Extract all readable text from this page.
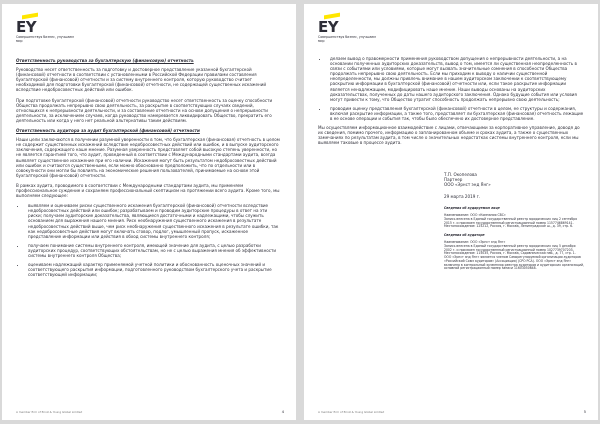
EY
Совершенствуя бизнес, улучшаем мир
Ответственность руководства за бухгалтерскую (финансовую) отчетность

Руководство несет ответственность за подготовку и достоверное представление указанной бухгалтерской (финансовой) отчетности в соответствии с установленными в Российской Федерации правилами составления бухгалтерской (финансовой) отчетности и за систему внутреннего контроля, которую руководство считает необходимой для подготовки бухгалтерской (финансовой) отчетности, не содержащей существенных искажений вследствие недобросовестных действий или ошибок.

При подготовке бухгалтерской (финансовой) отчетности руководство несет ответственность за оценку способности Общества продолжать непрерывно свою деятельность, за раскрытие в соответствующих случаях сведений, относящихся к непрерывности деятельности, и за составление отчетности на основе допущения о непрерывности деятельности, за исключением случаев, когда руководство намеревается ликвидировать Общество, прекратить его деятельность или когда у него нет реальной альтернативы таким действиям.

Ответственность аудитора за аудит бухгалтерской (финансовой) отчетности

Наши цели заключаются в получении разумной уверенности в том, что бухгалтерская (финансовая) отчетность в целом не содержит существенных искажений вследствие недобросовестных действий или ошибок, и в выпуске аудиторского заключения, содержащего наше мнение. Разумная уверенность представляет собой высокую степень уверенности, но не является гарантией того, что аудит, проведенный в соответствии с Международными стандартами аудита, всегда выявляет существенное искажение при его наличии. Искажения могут быть результатом недобросовестных действий или ошибок и считаются существенными, если можно обоснованно предположить, что по отдельности или в совокупности они могли бы повлиять на экономические решения пользователей, принимаемые на основе этой бухгалтерской (финансовой) отчетности.

В рамках аудита, проводимого в соответствии с Международными стандартами аудита, мы применяем профессиональное суждение и сохраняем профессиональный скептицизм на протяжении всего аудита. Кроме того, мы выполняем следующее:

• выявляем и оцениваем риски существенного искажения бухгалтерской (финансовой) отчетности вследствие недобросовестных действий или ошибок; разрабатываем и проводим аудиторские процедуры в ответ на эти риски; получаем аудиторские доказательства, являющиеся достаточными и надлежащими, чтобы служить основанием для выражения нашего мнения. Риск необнаружения существенного искажения в результате недобросовестных действий выше, чем риск необнаружения существенного искажения в результате ошибки, так как недобросовестные действия могут включать сговор, подлог, умышленный пропуск, искаженное представление информации или действия в обход системы внутреннего контроля;
• получаем понимание системы внутреннего контроля, имеющей значение для аудита, с целью разработки аудиторских процедур, соответствующих обстоятельствам, но не с целью выражения мнения об эффективности системы внутреннего контроля Общества;
• оцениваем надлежащий характер применяемой учетной политики и обоснованность оценочных значений и соответствующего раскрытия информации, подготовленного руководством бухгалтерского учета и раскрытие соответствующей информации;
A member firm of Ernst & Young Global Limited	4
EY
Совершенствуя бизнес, улучшаем мир
• делаем вывод о правомерности применения руководством допущения о непрерывности деятельности, а на основании полученных аудиторских доказательств, вывод о том, имеется ли существенная неопределенность в связи с событиями или условиями, которые могут вызвать значительные сомнения в способности Общества продолжать непрерывно свою деятельность. Если мы приходим к выводу о наличии существенной неопределенности, мы должны привлечь внимание в нашем аудиторском заключении к соответствующему раскрытию информации в бухгалтерской (финансовой) отчетности или, если такое раскрытие информации является ненадлежащим, модифицировать наше мнение. Наши выводы основаны на аудиторских доказательствах, полученных до даты нашего аудиторского заключения. Однако будущие события или условия могут привести к тому, что Общество утратит способность продолжать непрерывно свою деятельность;
• проводим оценку представления бухгалтерской (финансовой) отчетности в целом, ее структуры и содержания, включая раскрытие информации, а также того, представляет ли бухгалтерская (финансовая) отчетность лежащие в ее основе операции и события так, чтобы было обеспечено их достоверное представление.

Мы осуществляем информационное взаимодействие с лицами, отвечающими за корпоративное управление, доводя до их сведения, помимо прочего, информацию о запланированном объеме и сроках аудита, а также о существенных замечаниях по результатам аудита, в том числе о значительных недостатках системы внутреннего контроля, если мы выявляем таковые в процессе аудита.

Т.П. Окопелова
Партнер
ООО «Эрнст энд Янг»
29 марта 2019 г.
Сведения об аудируемом лице
Наименование: ООО «Компания СВС»
Запись внесена в Единый государственный реестр юридических лиц 2 сентября 2015 г. и присвоен государственный регистрационный номер 1157746869141.
Местонахождение: 125212, Россия, г. Москва, Ленинградское ш., д. 39, стр. 6.
Сведения об аудиторе
Наименование: ООО «Эрнст энд Янг»
Запись внесена в Единый государственный реестр юридических лиц 5 декабря 2002 г. и присвоен государственный регистрационный номер 1027739707203.
Местонахождение: 115035, Россия, г. Москва, Садовническая наб., д. 77, стр. 1.
ООО «Эрнст энд Янг» является членом Саморегулируемой организации аудиторов «Российский Союз аудиторов» (Ассоциация) (СРО РСА). ООО «Эрнст энд Янг» включено в контрольный экземпляр реестра аудиторов и аудиторских организаций, основной регистрационный номер записи 11603050648.
A member firm of Ernst & Young Global Limited	5
